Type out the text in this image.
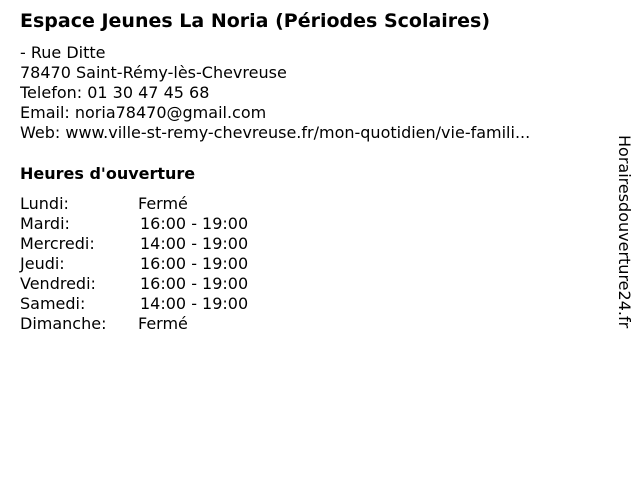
Espace Jeunes La Noria (Périodes Scolaires)
- Rue Ditte
78470 Saint-Rémy-lès-Chevreuse
Telefon: 01 30 47 45 68
Email: noria78470@gmail.com
Web: www.ville-st-remy-chevreuse.fr/mon-quotidien/vie-famili...
Heures d'ouverture
Lundi:	Fermé
Mardi:	16:00 - 19:00
Mercredi:	14:00 - 19:00
Jeudi:	16:00 - 19:00
Vendredi:	16:00 - 19:00
Samedi:	14:00 - 19:00
Dimanche: Fermé	Horairesdouverture24.fr
